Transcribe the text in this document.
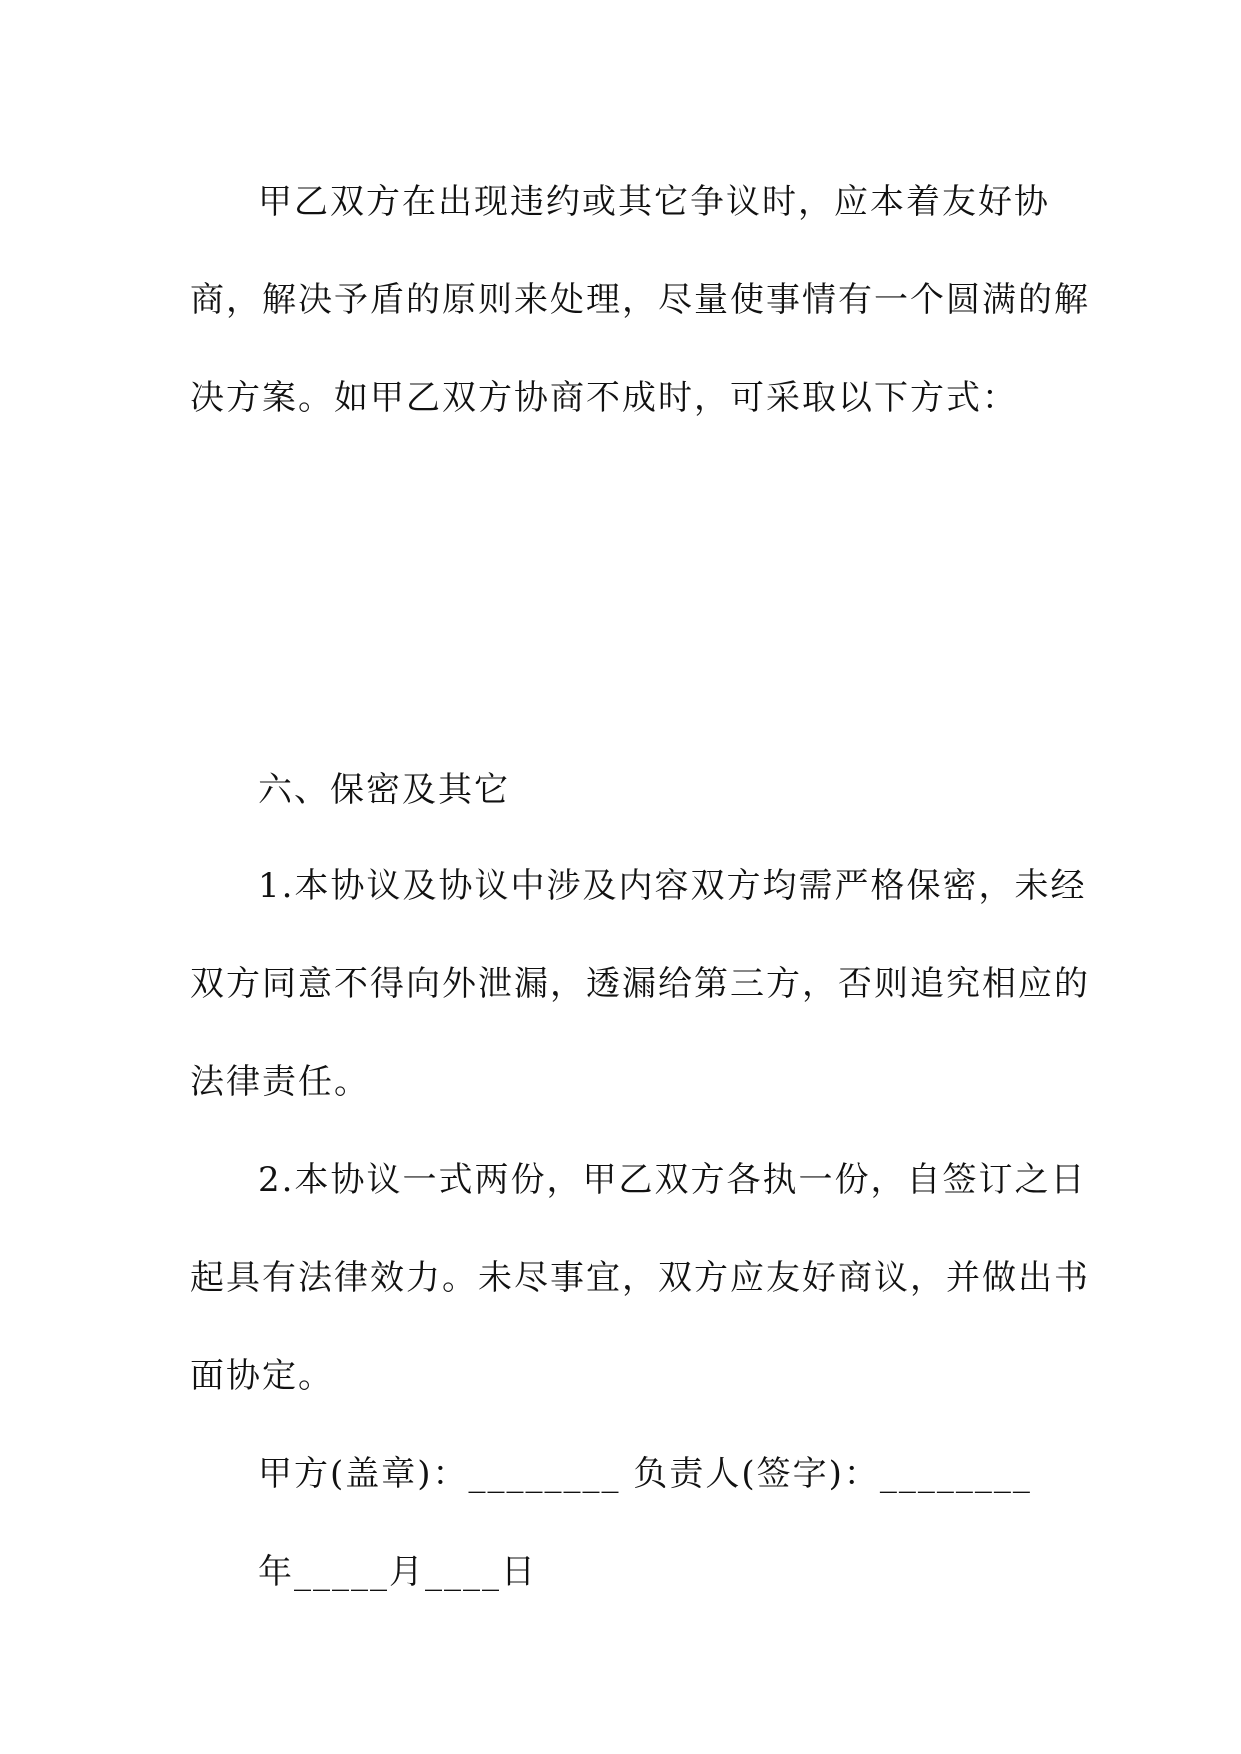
甲乙双方在出现违约或其它争议时，应本着友好协
商，解决予盾的原则来处理，尽量使事情有一个圆满的解
决方案。如甲乙双方协商不成时，可采取以下方式：
六、保密及其它
1.本协议及协议中涉及内容双方均需严格保密，未经
双方同意不得向外泄漏，透漏给第三方，否则追究相应的
法律责任。
2.本协议一式两份，甲乙双方各执一份，自签订之日
起具有法律效力。未尽事宜，双方应友好商议，并做出书
面协定。
甲方(盖章)：________ 负责人(签字)：________
年_____月____日
